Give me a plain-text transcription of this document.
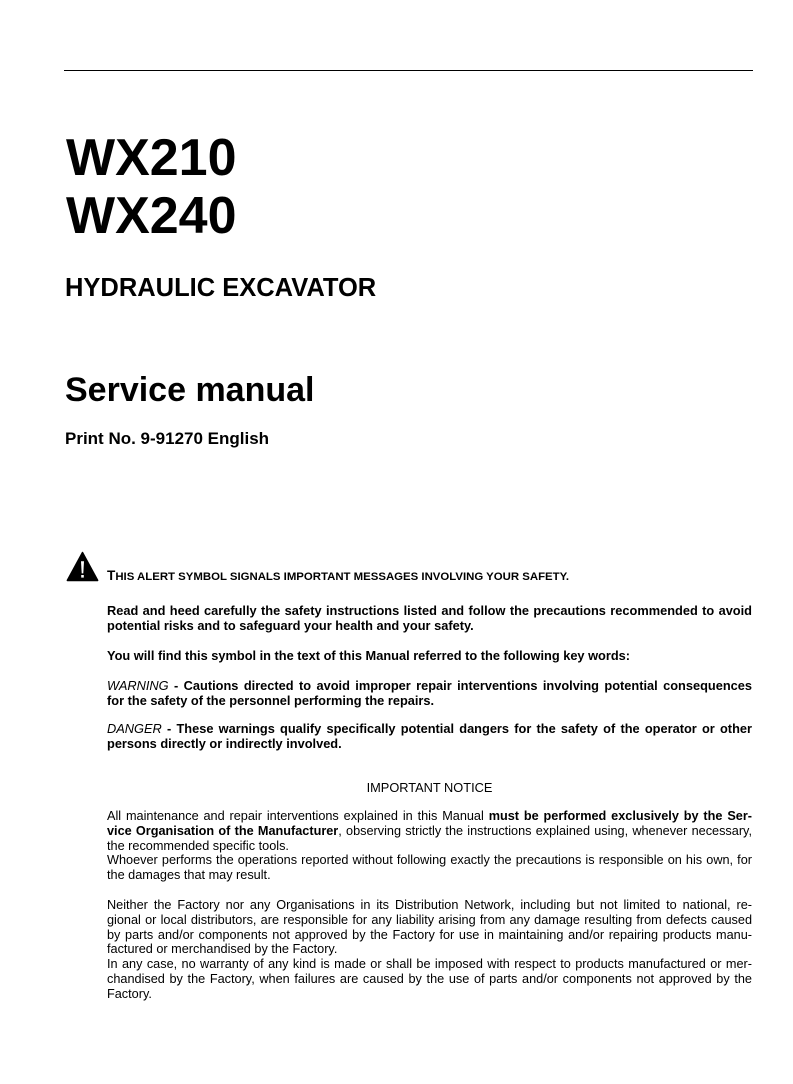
WX210
WX240
HYDRAULIC EXCAVATOR
Service manual
Print No. 9-91270 English
THIS ALERT SYMBOL SIGNALS IMPORTANT MESSAGES INVOLVING YOUR SAFETY.
Read and heed carefully the safety instructions listed and follow the precautions recommended to avoid
potential risks and to safeguard your health and your safety.
You will find this symbol in the text of this Manual referred to the following key words:
WARNING - Cautions directed to avoid improper repair interventions involving potential consequences
for the safety of the personnel performing the repairs.
DANGER - These warnings qualify specifically potential dangers for the safety of the operator or other
persons directly or indirectly involved.
IMPORTANT NOTICE
All maintenance and repair interventions explained in this Manual must be performed exclusively by the Ser-
vice Organisation of the Manufacturer, observing strictly the instructions explained using, whenever necessary,
the recommended specific tools.
Whoever performs the operations reported without following exactly the precautions is responsible on his own, for
the damages that may result.
Neither the Factory nor any Organisations in its Distribution Network, including but not limited to national, re-
gional or local distributors, are responsible for any liability arising from any damage resulting from defects caused
by parts and/or components not approved by the Factory for use in maintaining and/or repairing products manu-
factured or merchandised by the Factory.
In any case, no warranty of any kind is made or shall be imposed with respect to products manufactured or mer-
chandised by the Factory, when failures are caused by the use of parts and/or components not approved by the
Factory.
